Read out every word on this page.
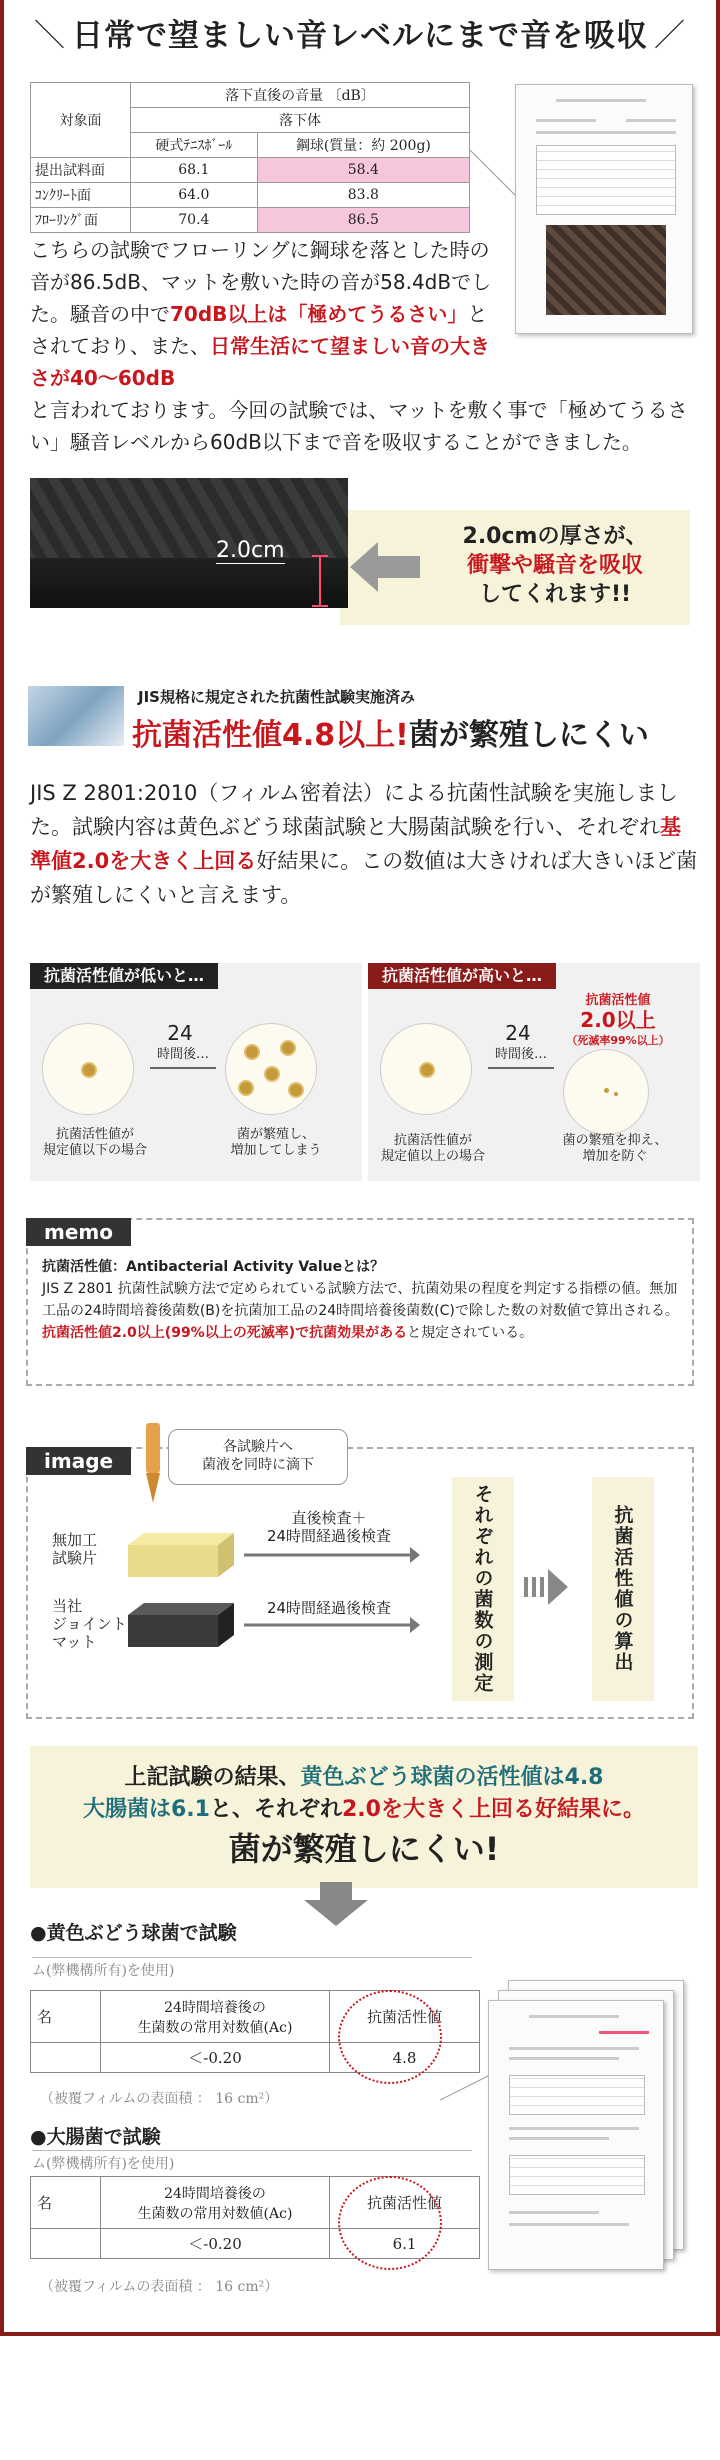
＼ 日常で望ましい音レベルにまで音を吸収 ／
対象面	落下直後の音量 〔dB〕	
	落下体	
	硬式ﾃﾆｽﾎﾞｰﾙ	鋼球(質量：約 200g)
提出試料面	68.1	58.4
ｺﾝｸﾘｰﾄ面	64.0	83.8
ﾌﾛｰﾘﾝｸﾞ面	70.4	86.5
こちらの試験でフローリングに鋼球を落とした時の音が86.5dB、マットを敷いた時の音が58.4dBでした。騒音の中で70dB以上は「極めてうるさい」とされており、また、日常生活にて望ましい音の大きさが40〜60dB
と言われております。今回の試験では、マットを敷く事で「極めてうるさい」騒音レベルから60dB以下まで音を吸収することができました。
2.0cmの厚さが、
衝撃や騒音を吸収
してくれます!!
2.0cm
JIS規格に規定された抗菌性試験実施済み
抗菌活性値4.8以上!菌が繁殖しにくい
JIS Z 2801:2010（フィルム密着法）による抗菌性試験を実施しました。試験内容は黄色ぶどう球菌試験と大腸菌試験を行い、それぞれ基準値2.0を大きく上回る好結果に。この数値は大きければ大きいほど菌が繁殖しにくいと言えます。
抗菌活性値が低いと…
24
時間後…
抗菌活性値が
規定値以下の場合
菌が繁殖し、
増加してしまう
抗菌活性値が高いと…
抗菌活性値
2.0以上
（死滅率99%以上）
24
時間後…
抗菌活性値が
規定値以上の場合
菌の繁殖を抑え、
増加を防ぐ
memo
抗菌活性値：Antibacterial Activity Valueとは？
JIS Z 2801 抗菌性試験方法で定められている試験方法で、抗菌効果の程度を判定する指標の値。無加工品の24時間培養後菌数(B)を抗菌加工品の24時間培養後菌数(C)で除した数の対数値で算出される。抗菌活性値2.0以上(99%以上の死滅率)で抗菌効果があると規定されている。
image
各試験片へ
菌液を同時に滴下
無加工
試験片
当社
ジョイント
マット
直後検査＋
24時間経過後検査
24時間経過後検査	それぞれの菌数の測定	抗菌活性値の算出
上記試験の結果、黄色ぶどう球菌の活性値は4.8
大腸菌は6.1と、それぞれ2.0を大きく上回る好結果に。
菌が繁殖しにくい!
●黄色ぶどう球菌で試験
ム(弊機構所有)を使用)
名	24時間培養後の
生菌数の常用対数値(Ac)	抗菌活性値
	＜-0.20	4.8
（被覆フィルムの表面積 ： 16 cm²）
●大腸菌で試験
ム(弊機構所有)を使用)
名	24時間培養後の
生菌数の常用対数値(Ac)	抗菌活性値
	＜-0.20	6.1
（被覆フィルムの表面積 ： 16 cm²）
